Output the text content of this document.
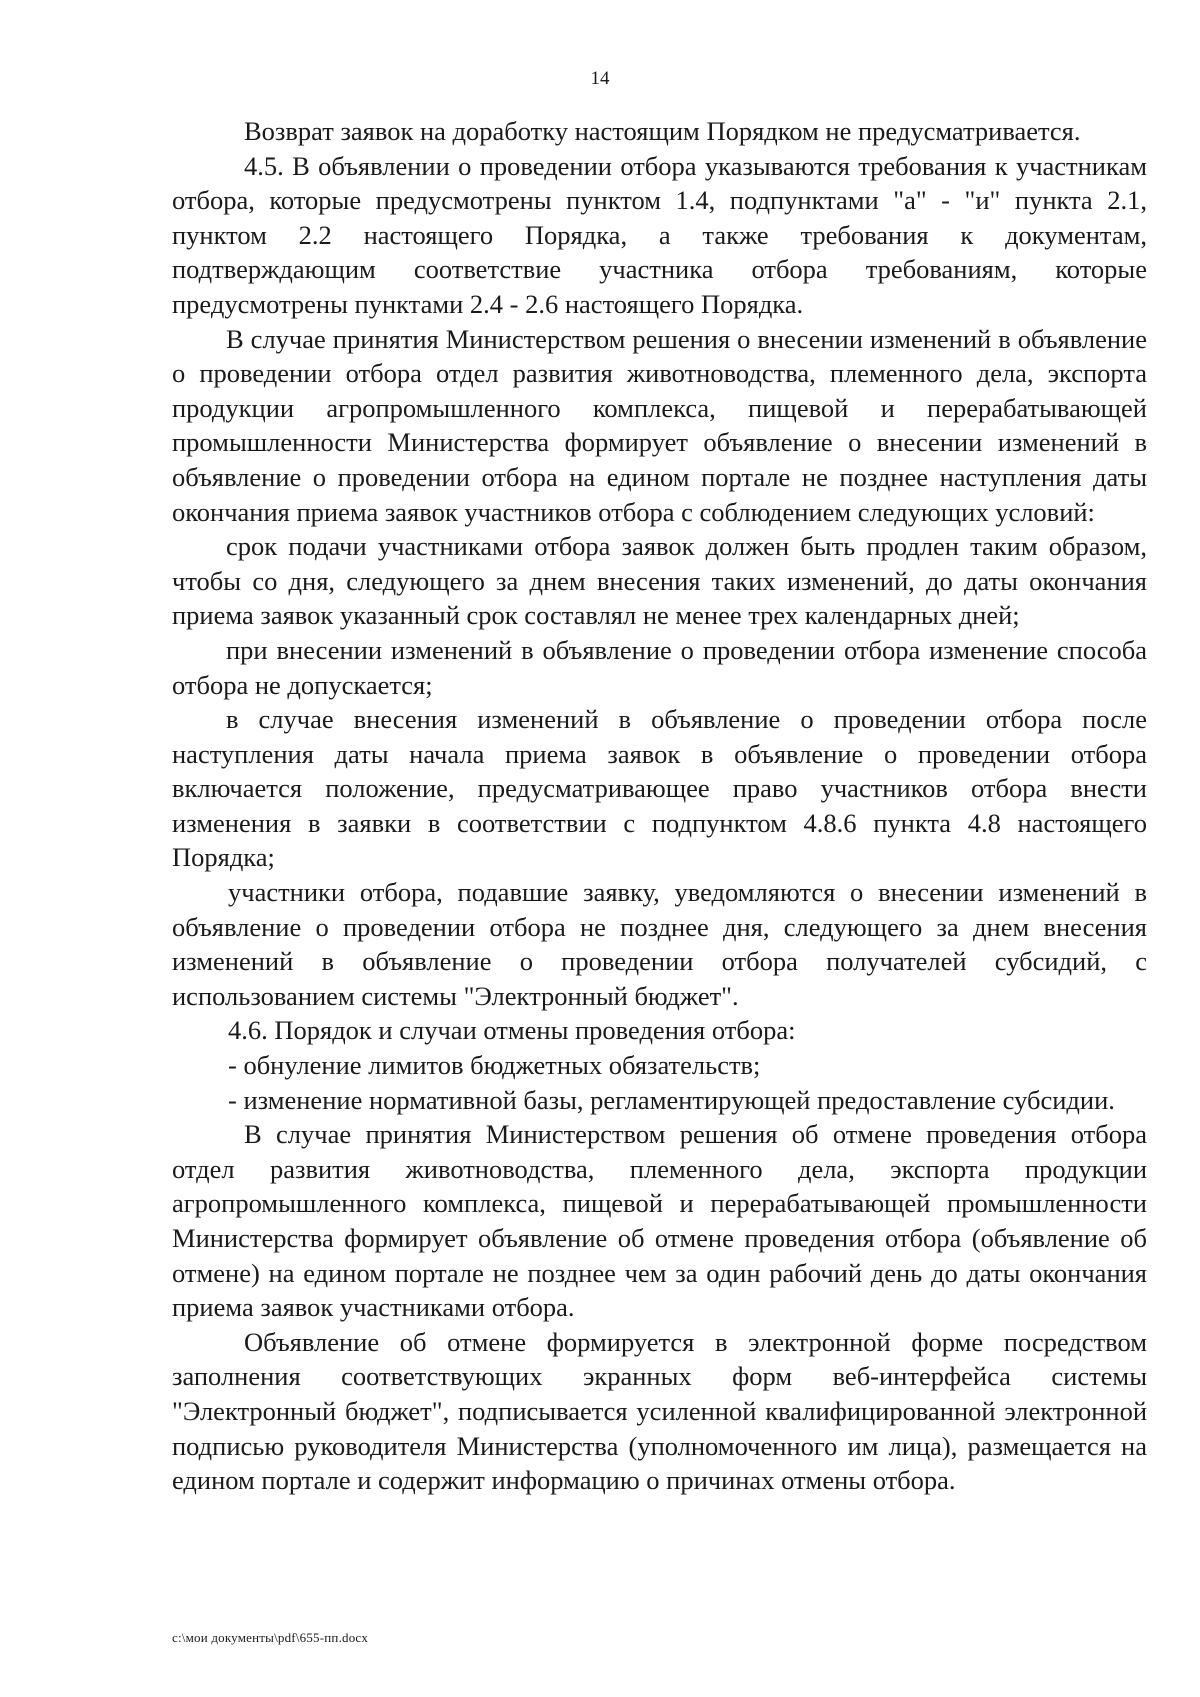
14

Возврат заявок на доработку настоящим Порядком не предусматривается.

4.5. В объявлении о проведении отбора указываются требования к участникам отбора, которые предусмотрены пунктом 1.4, подпунктами "а" - "и" пункта 2.1, пунктом 2.2 настоящего Порядка, а также требования к документам, подтверждающим соответствие участника отбора требованиям, которые предусмотрены пунктами 2.4 - 2.6 настоящего Порядка.

В случае принятия Министерством решения о внесении изменений в объявление о проведении отбора отдел развития животноводства, племенного дела, экспорта продукции агропромышленного комплекса, пищевой и перерабатывающей промышленности Министерства формирует объявление о внесении изменений в объявление о проведении отбора на едином портале не позднее наступления даты окончания приема заявок участников отбора с соблюдением следующих условий:

срок подачи участниками отбора заявок должен быть продлен таким образом, чтобы со дня, следующего за днем внесения таких изменений, до даты окончания приема заявок указанный срок составлял не менее трех календарных дней;

при внесении изменений в объявление о проведении отбора изменение способа отбора не допускается;

в случае внесения изменений в объявление о проведении отбора после наступления даты начала приема заявок в объявление о проведении отбора включается положение, предусматривающее право участников отбора внести изменения в заявки в соответствии с подпунктом 4.8.6 пункта 4.8 настоящего Порядка;

участники отбора, подавшие заявку, уведомляются о внесении изменений в объявление о проведении отбора не позднее дня, следующего за днем внесения изменений в объявление о проведении отбора получателей субсидий, с использованием системы "Электронный бюджет".

4.6. Порядок и случаи отмены проведения отбора:

- обнуление лимитов бюджетных обязательств;

- изменение нормативной базы, регламентирующей предоставление субсидии.

В случае принятия Министерством решения об отмене проведения отбора отдел развития животноводства, племенного дела, экспорта продукции агропромышленного комплекса, пищевой и перерабатывающей промышленности Министерства формирует объявление об отмене проведения отбора (объявление об отмене) на едином портале не позднее чем за один рабочий день до даты окончания приема заявок участниками отбора.

Объявление об отмене формируется в электронной форме посредством заполнения соответствующих экранных форм веб-интерфейса системы "Электронный бюджет", подписывается усиленной квалифицированной электронной подписью руководителя Министерства (уполномоченного им лица), размещается на едином портале и содержит информацию о причинах отмены отбора.

c:\мои документы\pdf\655-пп.docx
